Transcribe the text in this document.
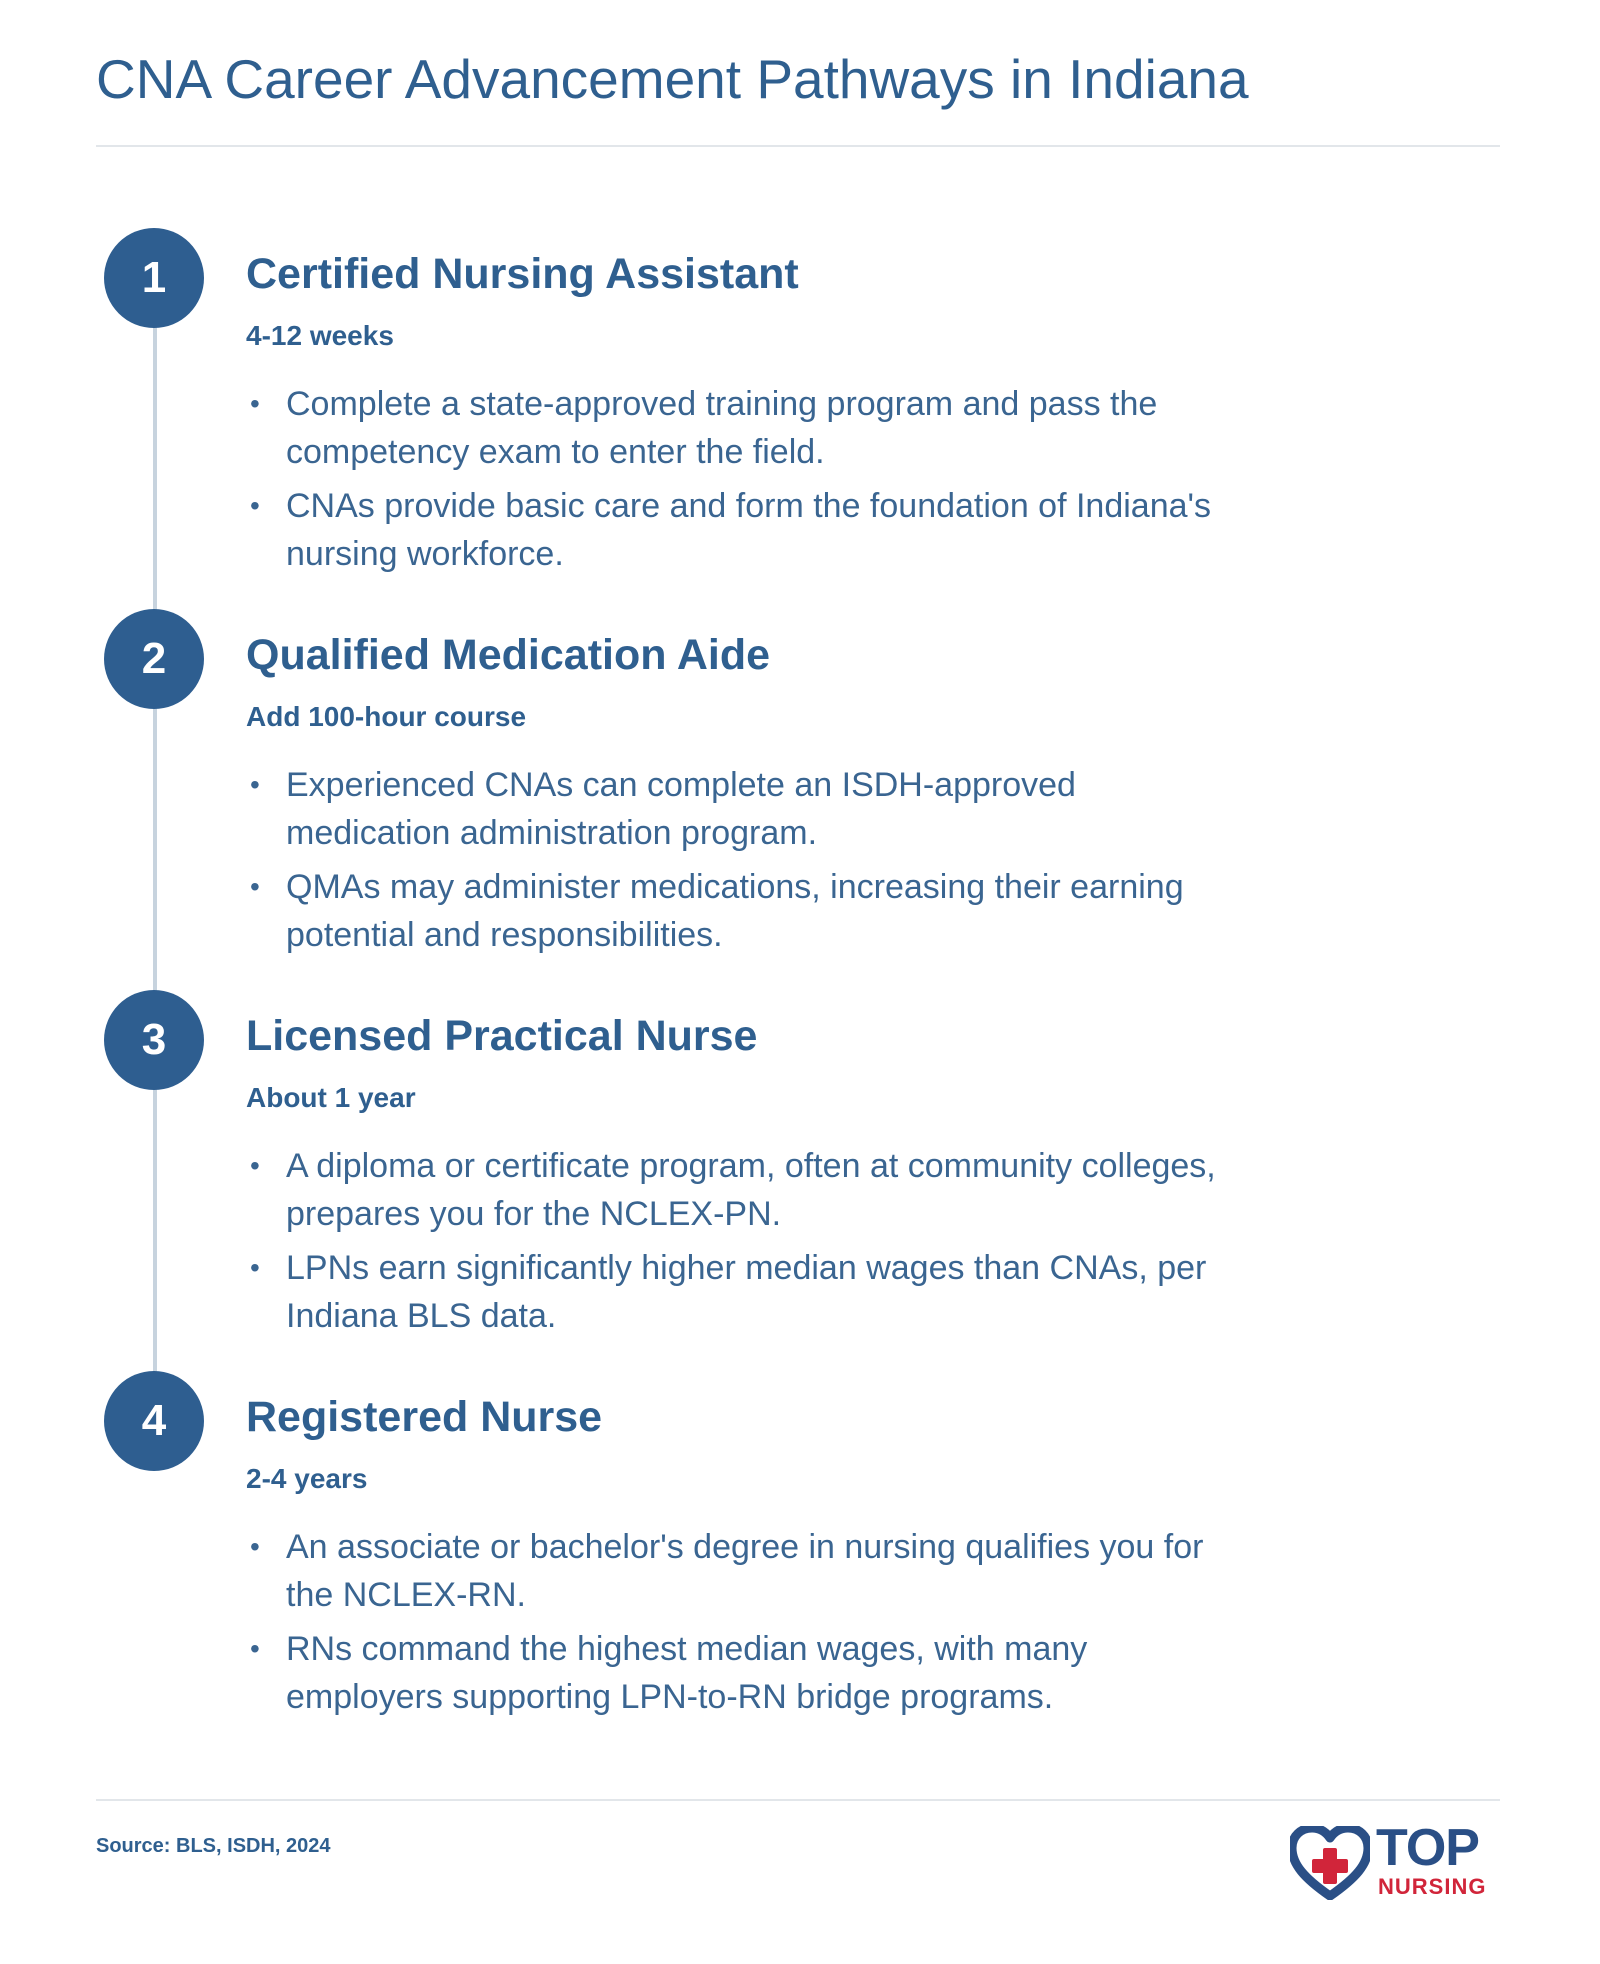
CNA Career Advancement Pathways in Indiana
1	Certified Nursing Assistant
4-12 weeks
• Complete a state-approved training program and pass the competency exam to enter the field.
• CNAs provide basic care and form the foundation of Indiana's nursing workforce.
2	Qualified Medication Aide
Add 100-hour course
• Experienced CNAs can complete an ISDH-approved medication administration program.
• QMAs may administer medications, increasing their earning potential and responsibilities.
3	Licensed Practical Nurse
About 1 year
• A diploma or certificate program, often at community colleges, prepares you for the NCLEX-PN.
• LPNs earn significantly higher median wages than CNAs, per Indiana BLS data.
4	Registered Nurse
2-4 years
• An associate or bachelor's degree in nursing qualifies you for the NCLEX-RN.
• RNs command the highest median wages, with many employers supporting LPN-to-RN bridge programs.
Source: BLS, ISDH, 2024	TOP
NURSING
